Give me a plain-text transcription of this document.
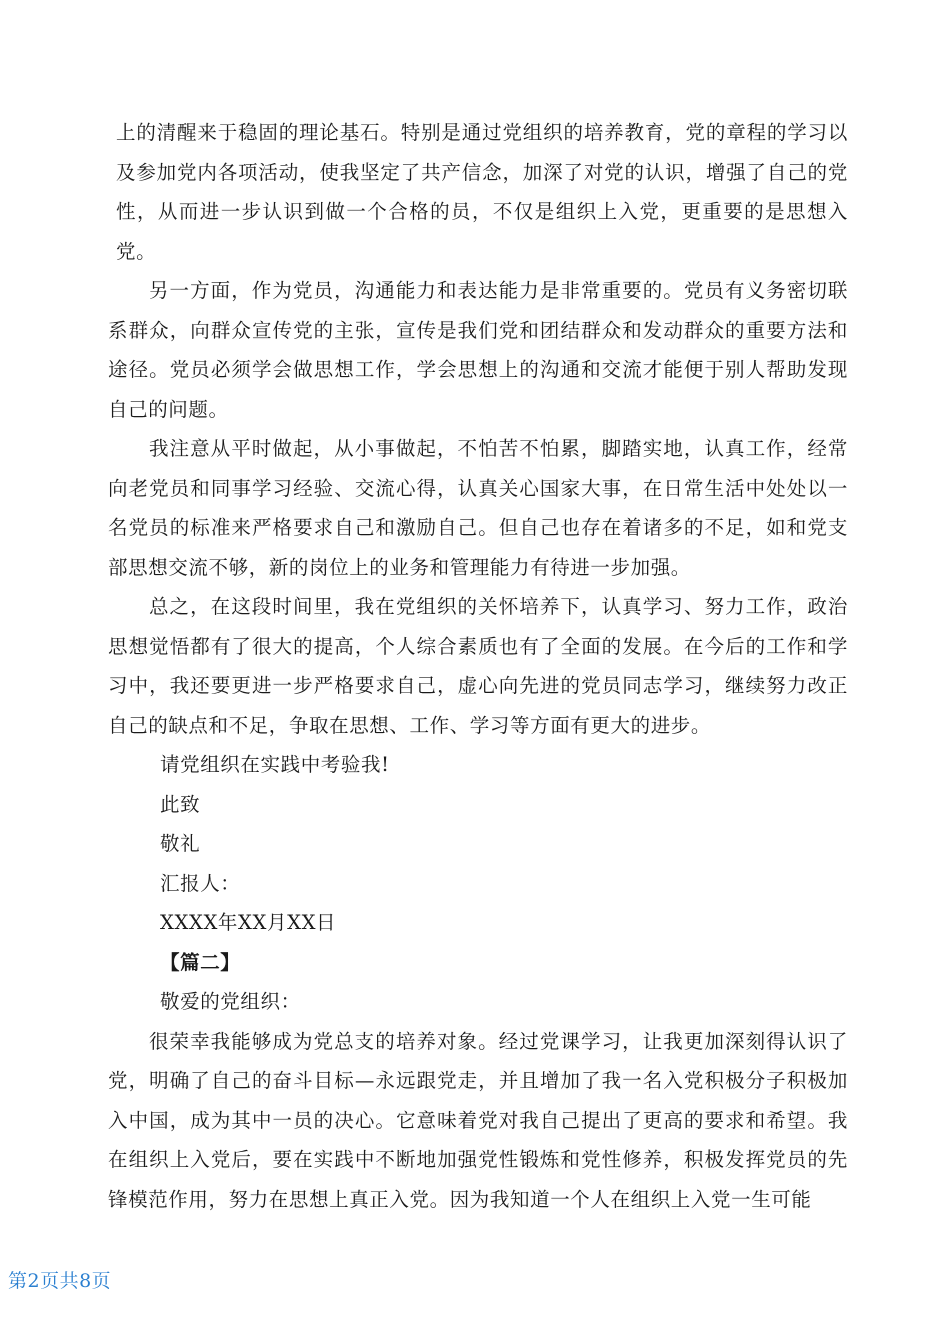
上的清醒来于稳固的理论基石。特别是通过党组织的培养教育，党的章程的学习以及参加党内各项活动，使我坚定了共产信念，加深了对党的认识，增强了自己的党性，从而进一步认识到做一个合格的员，不仅是组织上入党，更重要的是思想入党。

另一方面，作为党员，沟通能力和表达能力是非常重要的。党员有义务密切联系群众，向群众宣传党的主张，宣传是我们党和团结群众和发动群众的重要方法和途径。党员必须学会做思想工作，学会思想上的沟通和交流才能便于别人帮助发现自己的问题。

我注意从平时做起，从小事做起，不怕苦不怕累，脚踏实地，认真工作，经常向老党员和同事学习经验、交流心得，认真关心国家大事，在日常生活中处处以一名党员的标准来严格要求自己和激励自己。但自己也存在着诸多的不足，如和党支部思想交流不够，新的岗位上的业务和管理能力有待进一步加强。

总之，在这段时间里，我在党组织的关怀培养下，认真学习、努力工作，政治思想觉悟都有了很大的提高，个人综合素质也有了全面的发展。在今后的工作和学习中，我还要更进一步严格要求自己，虚心向先进的党员同志学习，继续努力改正自己的缺点和不足，争取在思想、工作、学习等方面有更大的进步。

请党组织在实践中考验我!

此致

敬礼

汇报人：

XXXX年XX月XX日

【篇二】

敬爱的党组织：

很荣幸我能够成为党总支的培养对象。经过党课学习，让我更加深刻得认识了党，明确了自己的奋斗目标—永远跟党走，并且增加了我一名入党积极分子积极加入中国，成为其中一员的决心。它意味着党对我自己提出了更高的要求和希望。我在组织上入党后，要在实践中不断地加强党性锻炼和党性修养，积极发挥党员的先锋模范作用，努力在思想上真正入党。因为我知道一个人在组织上入党一生可能

第2页共8页
